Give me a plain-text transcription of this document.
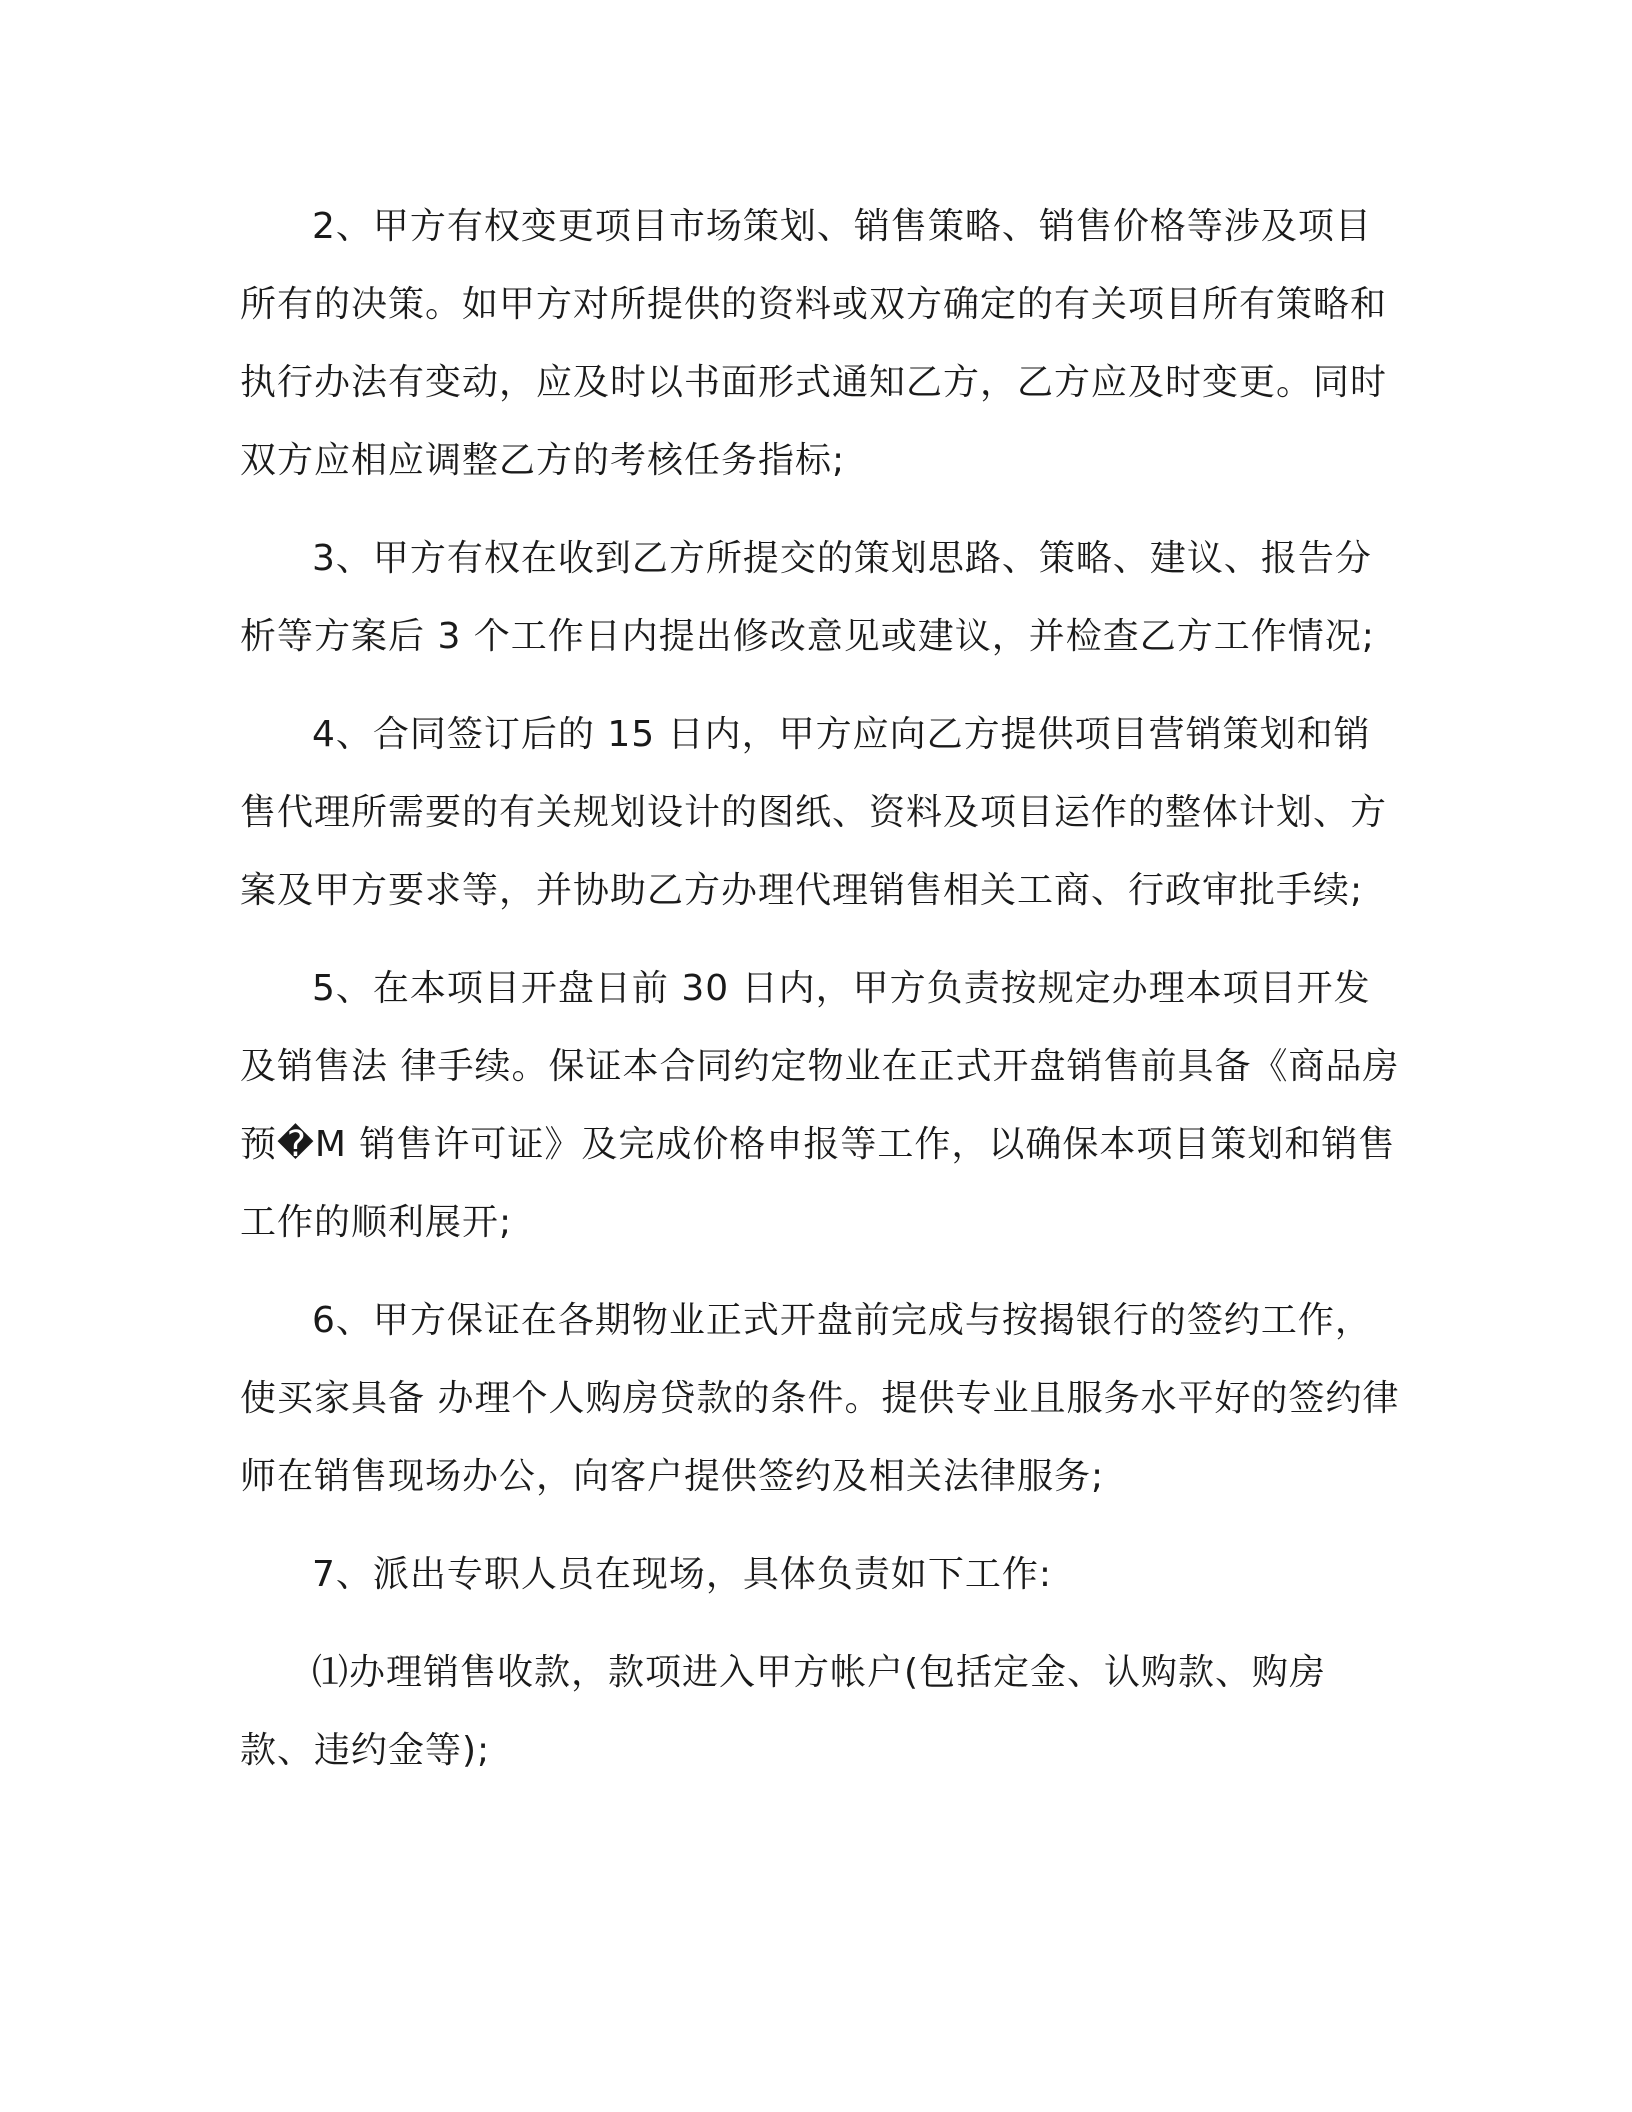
2、甲方有权变更项目市场策划、销售策略、销售价格等涉及项目所有的决策。如甲方对所提供的资料或双方确定的有关项目所有策略和执行办法有变动，应及时以书面形式通知乙方，乙方应及时变更。同时双方应相应调整乙方的考核任务指标;

3、甲方有权在收到乙方所提交的策划思路、策略、建议、报告分析等方案后 3 个工作日内提出修改意见或建议，并检查乙方工作情况;

4、合同签订后的 15 日内，甲方应向乙方提供项目营销策划和销售代理所需要的有关规划设计的图纸、资料及项目运作的整体计划、方案及甲方要求等，并协助乙方办理代理销售相关工商、行政审批手续;

5、在本项目开盘日前 30 日内，甲方负责按规定办理本项目开发及销售法 律手续。保证本合同约定物业在正式开盘销售前具备《商品房预�M 销售许可证》及完成价格申报等工作，以确保本项目策划和销售工作的顺利展开;

6、甲方保证在各期物业正式开盘前完成与按揭银行的签约工作，使买家具备 办理个人购房贷款的条件。提供专业且服务水平好的签约律师在销售现场办公，向客户提供签约及相关法律服务;

7、派出专职人员在现场，具体负责如下工作:

⑴办理销售收款，款项进入甲方帐户(包括定金、认购款、购房款、违约金等);
